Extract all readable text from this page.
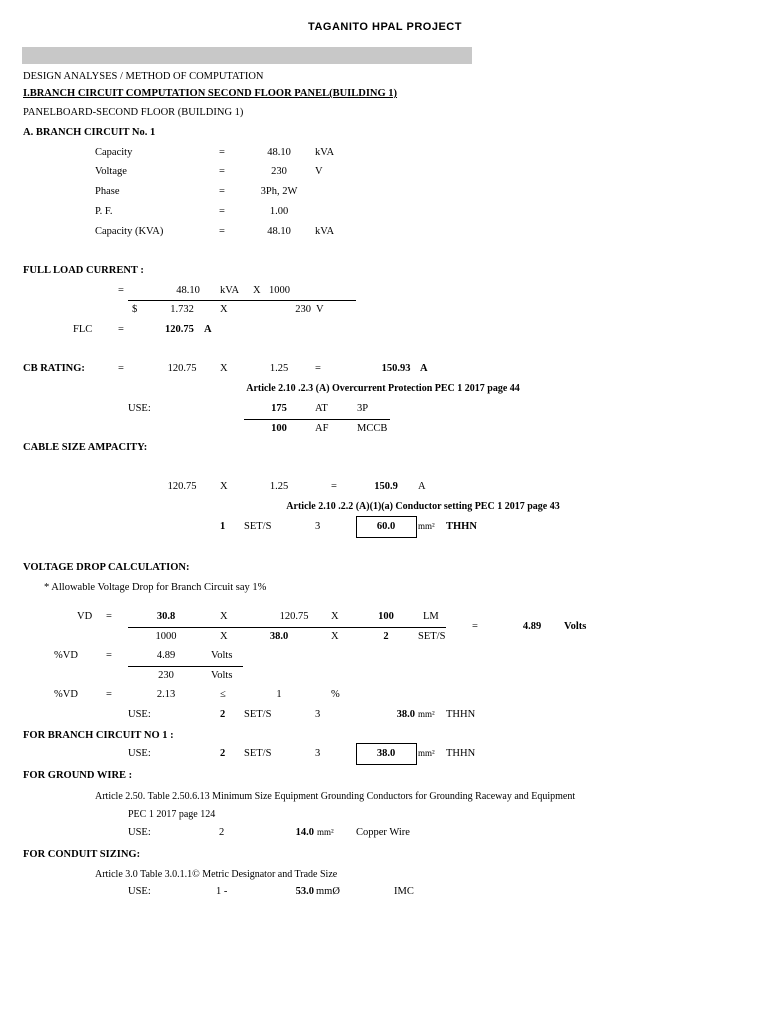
TAGANITO HPAL PROJECT
DESIGN ANALYSES / METHOD OF COMPUTATION
I.BRANCH CIRCUIT COMPUTATION SECOND FLOOR PANEL(BUILDING 1)
PANELBOARD-SECOND FLOOR (BUILDING 1)
A. BRANCH CIRCUIT No. 1
Capacity	=	48.10 kVA
Voltage	=	230	V
Phase	=	3Ph, 2W
P. F.	=	1.00
Capacity (KVA)	=	48.10 kVA
FULL LOAD CURRENT :
=	48.10 kVA X 1000
$	1.732 X	230 V
FLC =	120.75 A
CB RATING:	=	120.75 X	1.25	=	150.93 A
Article 2.10 .2.3 (A) Overcurrent Protection PEC 1 2017 page 44
USE:	175	AT	3P
100	AF	MCCB
CABLE SIZE AMPACITY:
120.75 X	1.25	=	150.9 A
Article 2.10 .2.2 (A)(1)(a) Conductor setting PEC 1 2017 page 43
1 SET/S	3	60.0	mm² THHN
VOLTAGE DROP CALCULATION:
* Allowable Voltage Drop for Branch Circuit say 1%
VD =	30.8	X	120.75 X	100	LM
1000	X	38.0	X	2	SET/S
=	4.89 Volts
%VD	=	4.89	Volts
230	Volts
%VD	=	2.13	≤	1	%
USE:	2 SET/S	3	38.0 mm² THHN
FOR BRANCH CIRCUIT NO 1 :
USE:	2 SET/S	3	38.0	mm² THHN
FOR GROUND WIRE :
Article 2.50. Table 2.50.6.13 Minimum Size Equipment Grounding Conductors for Grounding Raceway and Equipment
PEC 1 2017 page 124
USE:	2	14.0 mm² Copper Wire
FOR CONDUIT SIZING:
Article 3.0 Table 3.0.1.1© Metric Designator and Trade Size
USE:	1 -	53.0 mmØ	IMC
